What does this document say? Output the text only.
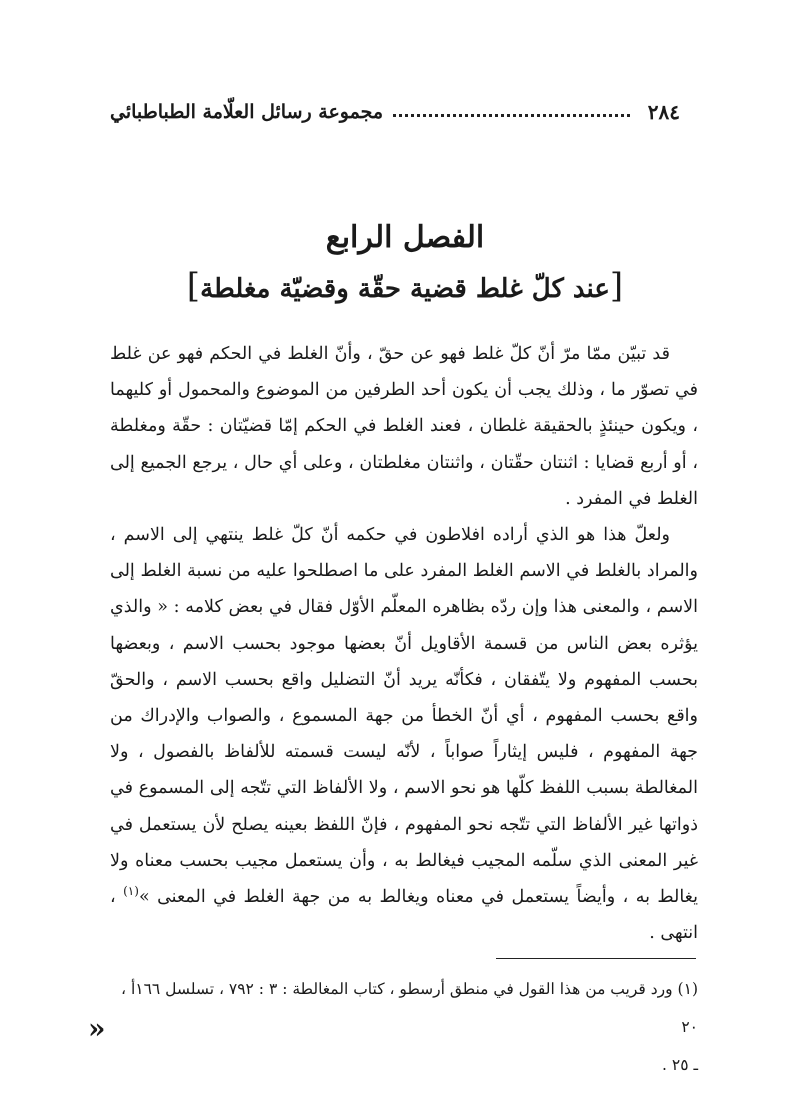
٢٨٤
مجموعة رسائل العلّامة الطباطبائي
الفصل الرابع
[عند كلّ غلط قضية حقّة وقضيّة مغلطة]

قد تبيّن ممّا مرّ أنّ كلّ غلط فهو عن حقّ ، وأنّ الغلط في الحكم فهو عن غلط في تصوّر ما ، وذلك يجب أن يكون أحد الطرفين من الموضوع والمحمول أو كليهما ، ويكون حينئذٍ بالحقيقة غلطان ، فعند الغلط في الحكم إمّا قضيّتان : حقّة ومغلطة ، أو أربع قضايا : اثنتان حقّتان ، واثنتان مغلطتان ، وعلى أي حال ، يرجع الجميع إلى الغلط في المفرد .

ولعلّ هذا هو الذي أراده افلاطون في حكمه أنّ كلّ غلط ينتهي إلى الاسم ، والمراد بالغلط في الاسم الغلط المفرد على ما اصطلحوا عليه من نسبة الغلط إلى الاسم ، والمعنى هذا وإن ردّه بظاهره المعلّم الأوّل فقال في بعض كلامه : « والذي يؤثره بعض الناس من قسمة الأقاويل أنّ بعضها موجود بحسب الاسم ، وبعضها بحسب المفهوم ولا يتّفقان ، فكأنّه يريد أنّ التضليل واقع بحسب الاسم ، والحقّ واقع بحسب المفهوم ، أي أنّ الخطأ من جهة المسموع ، والصواب والإدراك من جهة المفهوم ، فليس إيثاراً صواباً ، لأنّه ليست قسمته للألفاظ بالفصول ، ولا المغالطة بسبب اللفظ كلّها هو نحو الاسم ، ولا الألفاظ التي تتّجه إلى المسموع في ذواتها غير الألفاظ التي تتّجه نحو المفهوم ، فإنّ اللفظ بعينه يصلح لأن يستعمل في غير المعنى الذي سلّمه المجيب فيغالط به ، وأن يستعمل مجيب بحسب معناه ولا يغالط به ، وأيضاً يستعمل في معناه ويغالط به من جهة الغلط في المعنى »$^{(١)}$ ، انتهى .

(١) ورد قريب من هذا القول في منطق أرسطو ، كتاب المغالطة : ٣ : ٧٩٢ ، تسلسل ١٦٦أ ، ٢٠
ـ ٢٥ .
»
